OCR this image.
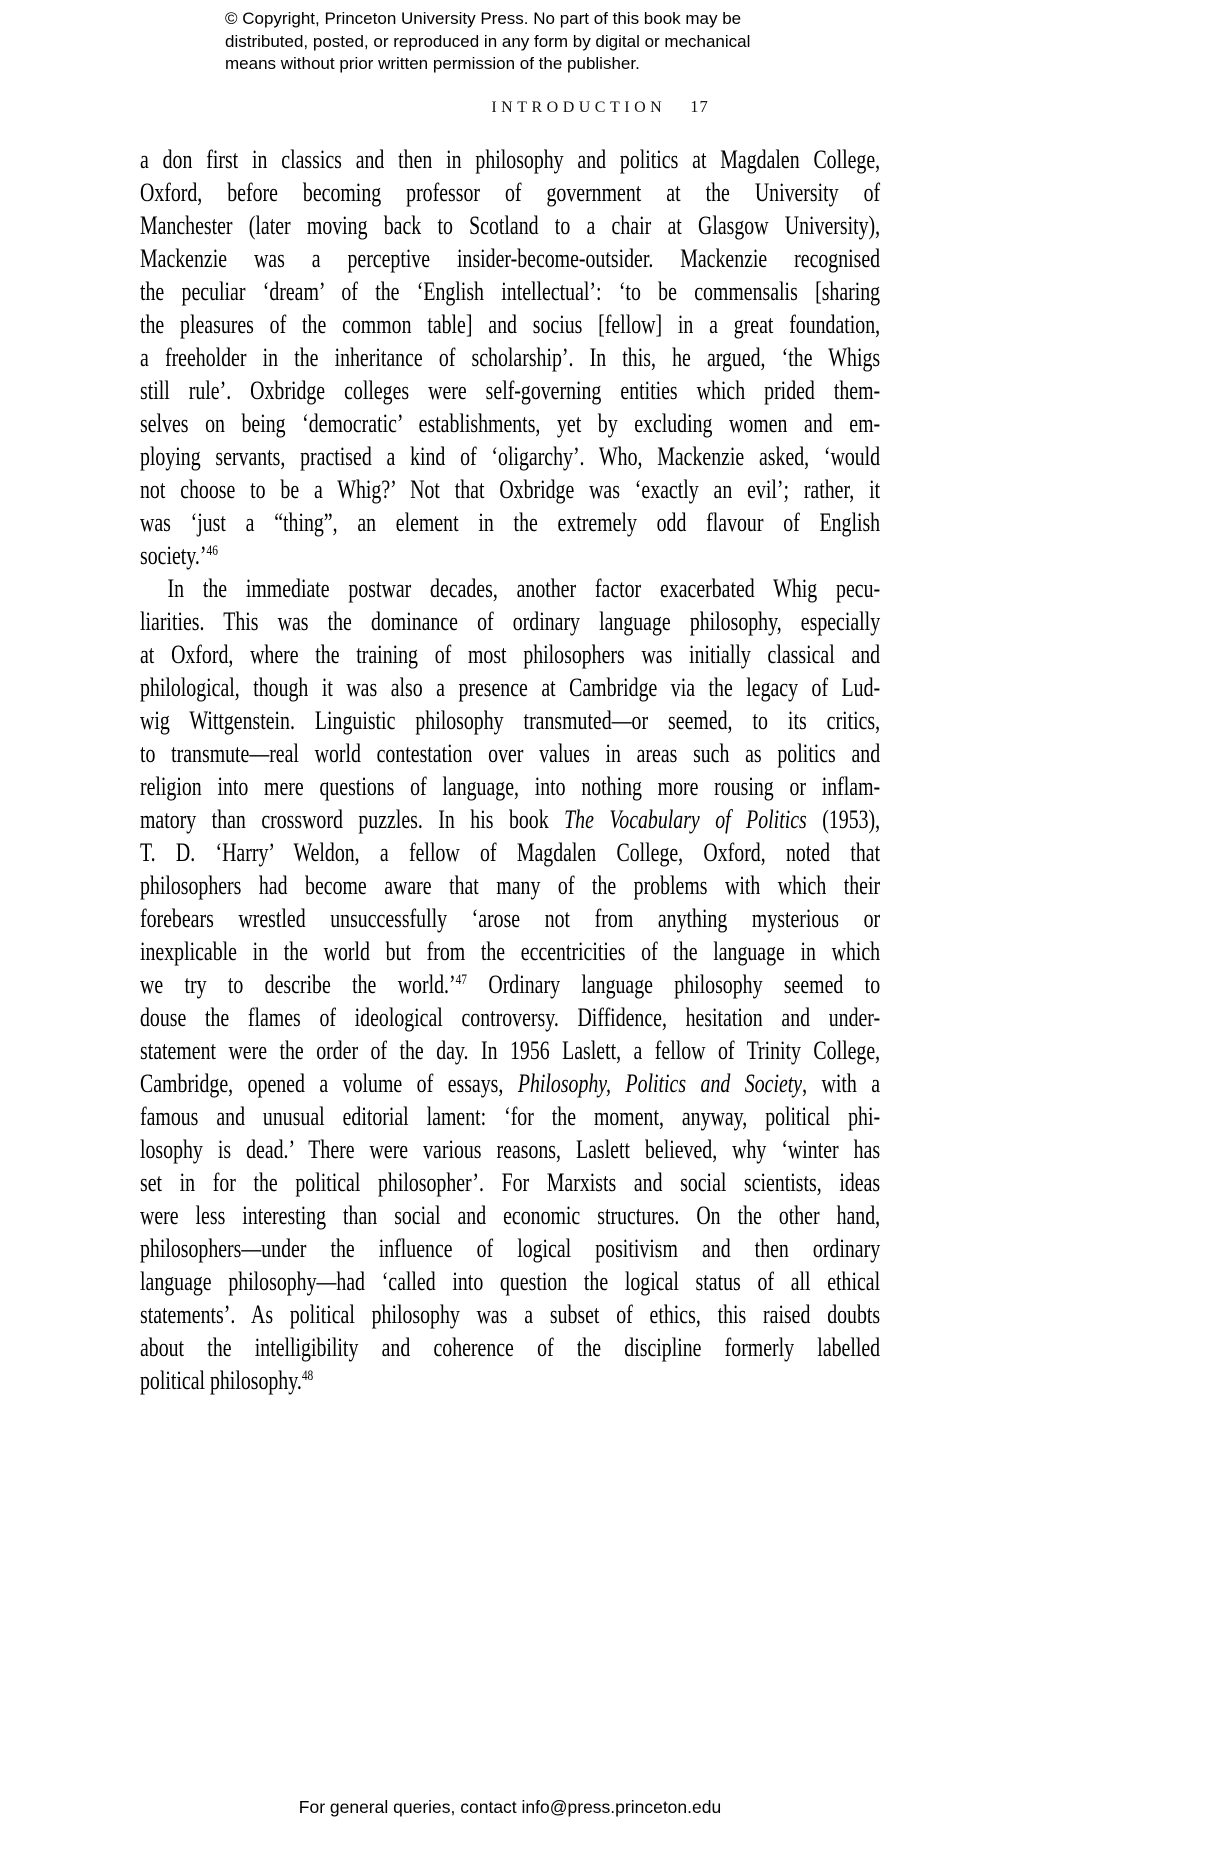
© Copyright, Princeton University Press. No part of this book may be
distributed, posted, or reproduced in any form by digital or mechanical
means without prior written permission of the publisher.
INTRODUCTION 17
a don first in classics and then in philosophy and politics at Magdalen College,
Oxford, before becoming professor of government at the University of
Manchester (later moving back to Scotland to a chair at Glasgow University),
Mackenzie was a perceptive insider-become-outsider. Mackenzie recognised
the peculiar ‘dream’ of the ‘English intellectual’: ‘to be commensalis [sharing
the pleasures of the common table] and socius [fellow] in a great foundation,
a freeholder in the inheritance of scholarship’. In this, he argued, ‘the Whigs
still rule’. Oxbridge colleges were self-governing entities which prided them-
selves on being ‘democratic’ establishments, yet by excluding women and em-
ploying servants, practised a kind of ‘oligarchy’. Who, Mackenzie asked, ‘would
not choose to be a Whig?’ Not that Oxbridge was ‘exactly an evil’; rather, it
was ‘just a “thing”, an element in the extremely odd flavour of English
society.’$^{46}$
In the immediate postwar decades, another factor exacerbated Whig pecu-
liarities. This was the dominance of ordinary language philosophy, especially
at Oxford, where the training of most philosophers was initially classical and
philological, though it was also a presence at Cambridge via the legacy of Lud-
wig Wittgenstein. Linguistic philosophy transmuted—or seemed, to its critics,
to transmute—real world contestation over values in areas such as politics and
religion into mere questions of language, into nothing more rousing or inflam-
matory than crossword puzzles. In his book The Vocabulary of Politics (1953),
T. D. ‘Harry’ Weldon, a fellow of Magdalen College, Oxford, noted that
philosophers had become aware that many of the problems with which their
forebears wrestled unsuccessfully ‘arose not from anything mysterious or
inexplicable in the world but from the eccentricities of the language in which
we try to describe the world.’$^{47}$ Ordinary language philosophy seemed to
douse the flames of ideological controversy. Diffidence, hesitation and under-
statement were the order of the day. In 1956 Laslett, a fellow of Trinity College,
Cambridge, opened a volume of essays, Philosophy, Politics and Society, with a
famous and unusual editorial lament: ‘for the moment, anyway, political phi-
losophy is dead.’ There were various reasons, Laslett believed, why ‘winter has
set in for the political philosopher’. For Marxists and social scientists, ideas
were less interesting than social and economic structures. On the other hand,
philosophers—under the influence of logical positivism and then ordinary
language philosophy—had ‘called into question the logical status of all ethical
statements’. As political philosophy was a subset of ethics, this raised doubts
about the intelligibility and coherence of the discipline formerly labelled
political philosophy.$^{48}$
For general queries, contact info@press.princeton.edu
